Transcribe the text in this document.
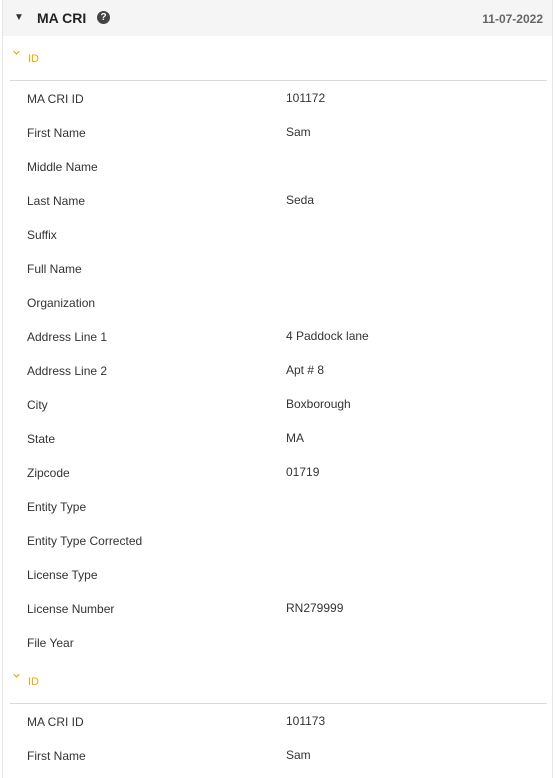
▼ MA CRI	?	11-07-2022
ID
MA CRI ID	101172
First Name	Sam
Middle Name
Last Name	Seda
Suffix
Full Name
Organization
Address Line 1	4 Paddock lane
Address Line 2	Apt # 8
City	Boxborough
State	MA
Zipcode	01719
Entity Type
Entity Type Corrected
License Type
License Number	RN279999
File Year
ID
MA CRI ID	101173
First Name	Sam
